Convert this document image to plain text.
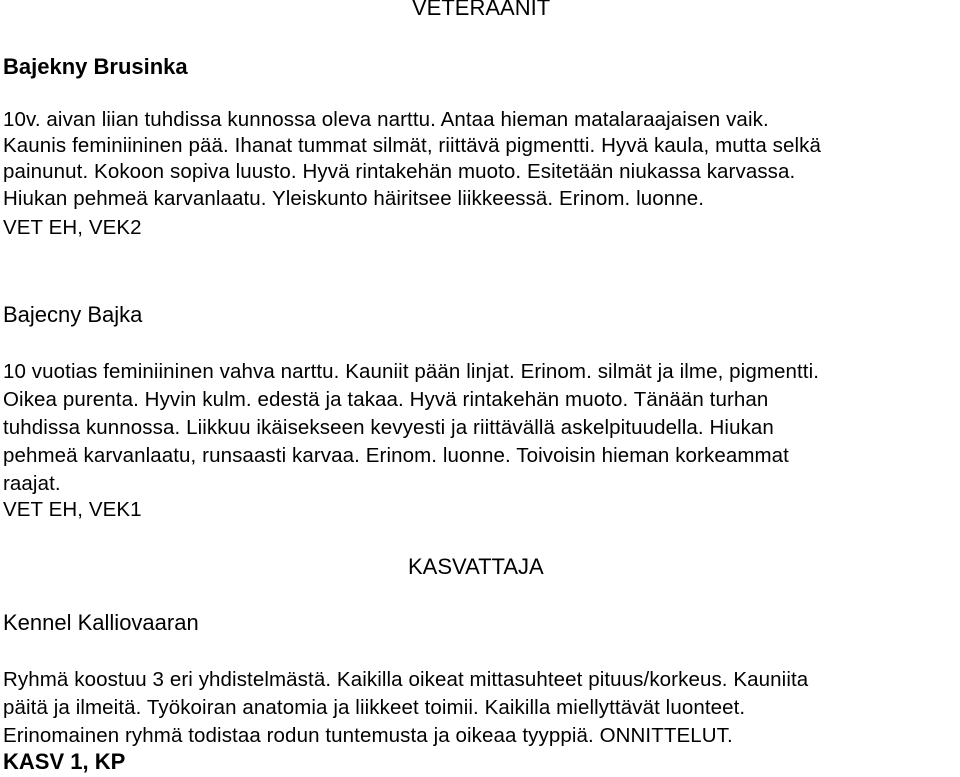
VETERAANIT
Bajekny Brusinka
10v. aivan liian tuhdissa kunnossa oleva narttu. Antaa hieman matalaraajaisen vaik.
Kaunis feminiininen pää. Ihanat tummat silmät, riittävä pigmentti. Hyvä kaula, mutta selkä
painunut. Kokoon sopiva luusto. Hyvä rintakehän muoto. Esitetään niukassa karvassa.
Hiukan pehmeä karvanlaatu. Yleiskunto häiritsee liikkeessä. Erinom. luonne.
VET EH, VEK2
Bajecny Bajka
10 vuotias feminiininen vahva narttu. Kauniit pään linjat. Erinom. silmät ja ilme, pigmentti.
Oikea purenta. Hyvin kulm. edestä ja takaa. Hyvä rintakehän muoto. Tänään turhan
tuhdissa kunnossa. Liikkuu ikäisekseen kevyesti ja riittävällä askelpituudella. Hiukan
pehmeä karvanlaatu, runsaasti karvaa. Erinom. luonne. Toivoisin hieman korkeammat
raajat.
VET EH, VEK1
KASVATTAJA
Kennel Kalliovaaran
Ryhmä koostuu 3 eri yhdistelmästä. Kaikilla oikeat mittasuhteet pituus/korkeus. Kauniita
päitä ja ilmeitä. Työkoiran anatomia ja liikkeet toimii. Kaikilla miellyttävät luonteet.
Erinomainen ryhmä todistaa rodun tuntemusta ja oikeaa tyyppiä. ONNITTELUT.
KASV 1, KP
